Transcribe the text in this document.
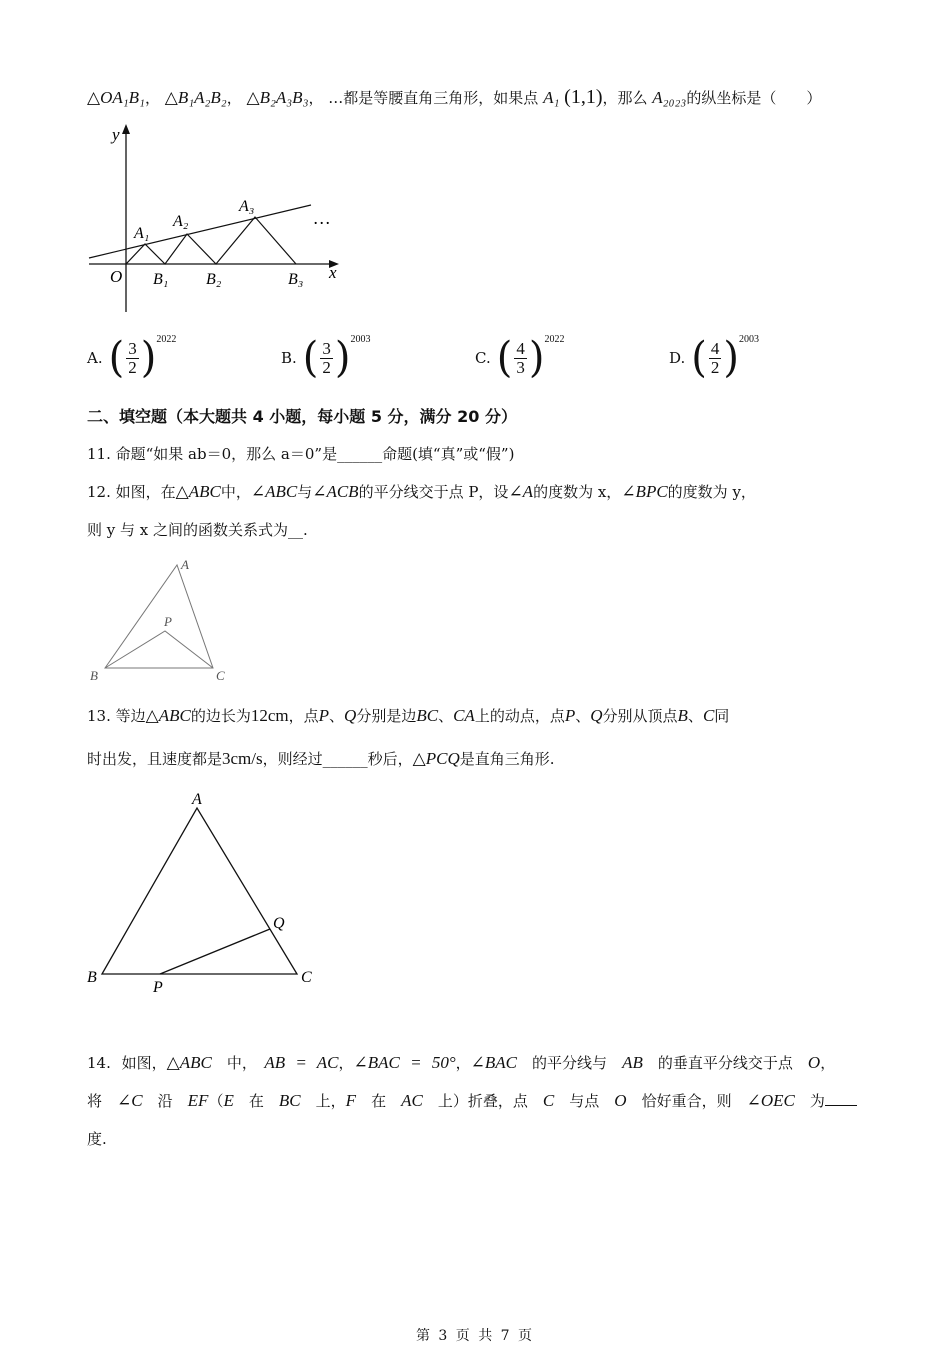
△OA₁B₁， △B₁A₂B₂， △B₂A₃B₃， …都是等腰直角三角形，如果点 A₁ (1,1)，那么 A₂₀₂₃的纵坐标是（　　）
y
x
O
A₁
A₂
A₃
B₁ B₂	B₃
…
A. ( 3
2 ) 2022
B. ( 3
2 ) 2003
C. ( 4
3 ) 2022
D. ( 4
2 ) 2003
二、填空题（本大题共 4 小题，每小题 5 分，满分 20 分）
11. 命题“如果 ab＝0，那么 a＝0”是______命题(填“真”或“假”)
12. 如图，在△ABC中，∠ABC与∠ACB的平分线交于点 P，设∠A的度数为 x，∠BPC的度数为 y，
则 y 与 x 之间的函数关系式为__.
A
B	C
P
13. 等边△ABC的边长为12cm，点P、Q分别是边BC、CA上的动点，点P、Q分别从顶点B、C同
时出发，且速度都是3cm/s，则经过______秒后，△PCQ是直角三角形.
A
B	C
P
Q
14. 如图，△ABC　 中，　 AB = AC，∠BAC = 50°，∠BAC　 的平分线与　 AB　 的垂直平分线交于点　 O，
将　 ∠C　 沿　 EF（E　 在　 BC　 上，F　 在　 AC　 上）折叠，点　 C　 与点　 O　 恰好重合，则　 ∠OEC　 为
度.
第 3 页 共 7 页
